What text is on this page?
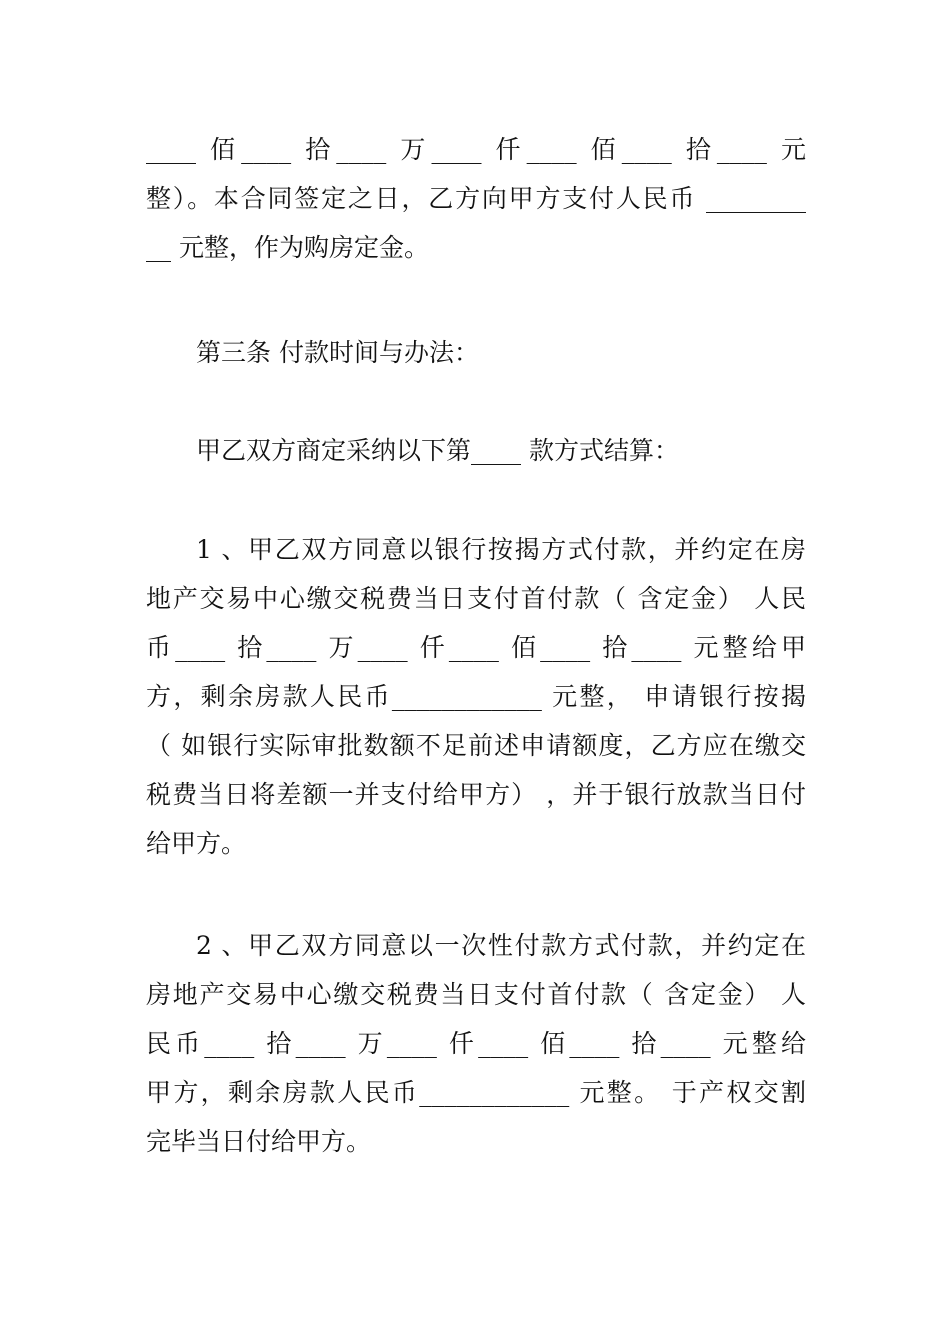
____ 佰____ 拾____ 万____ 仟____ 佰____ 拾____ 元
整）。本合同签定之日，乙方向甲方支付人民币 ________
__ 元整，作为购房定金。
第三条 付款时间与办法：
甲乙双方商定采纳以下第____ 款方式结算：
1 、甲乙双方同意以银行按揭方式付款，并约定在房
地产交易中心缴交税费当日支付首付款（ 含定金） 人民
币____ 拾____ 万____ 仟____ 佰____ 拾____ 元整给甲
方，剩余房款人民币____________ 元整， 申请银行按揭
（ 如银行实际审批数额不足前述申请额度，乙方应在缴交
税费当日将差额一并支付给甲方） ，并于银行放款当日付
给甲方。
2 、甲乙双方同意以一次性付款方式付款，并约定在
房地产交易中心缴交税费当日支付首付款（ 含定金） 人
民币____ 拾____ 万____ 仟____ 佰____ 拾____ 元整给
甲方，剩余房款人民币____________ 元整。 于产权交割
完毕当日付给甲方。
